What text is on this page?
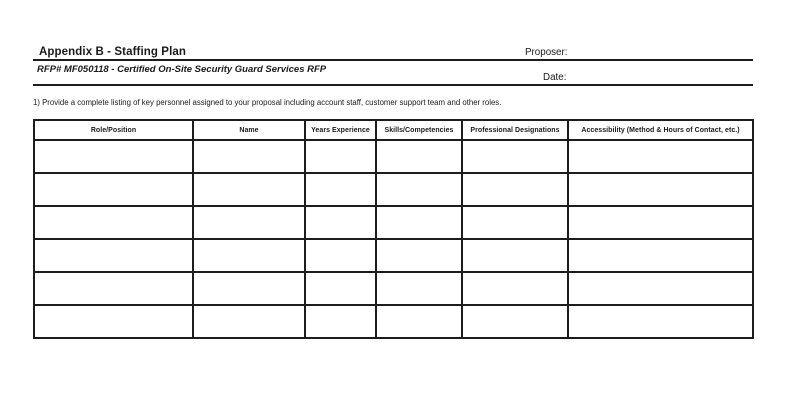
Appendix B - Staffing Plan	Proposer:
RFP# MF050118 - Certified On-Site Security Guard Services RFP
Date:
1) Provide a complete listing of key personnel assigned to your proposal including account staff, customer support team and other roles.
Role/Position	Name	Years Experience	Skills/Competencies	Professional Designations	Accessibility (Method & Hours of Contact, etc.)
